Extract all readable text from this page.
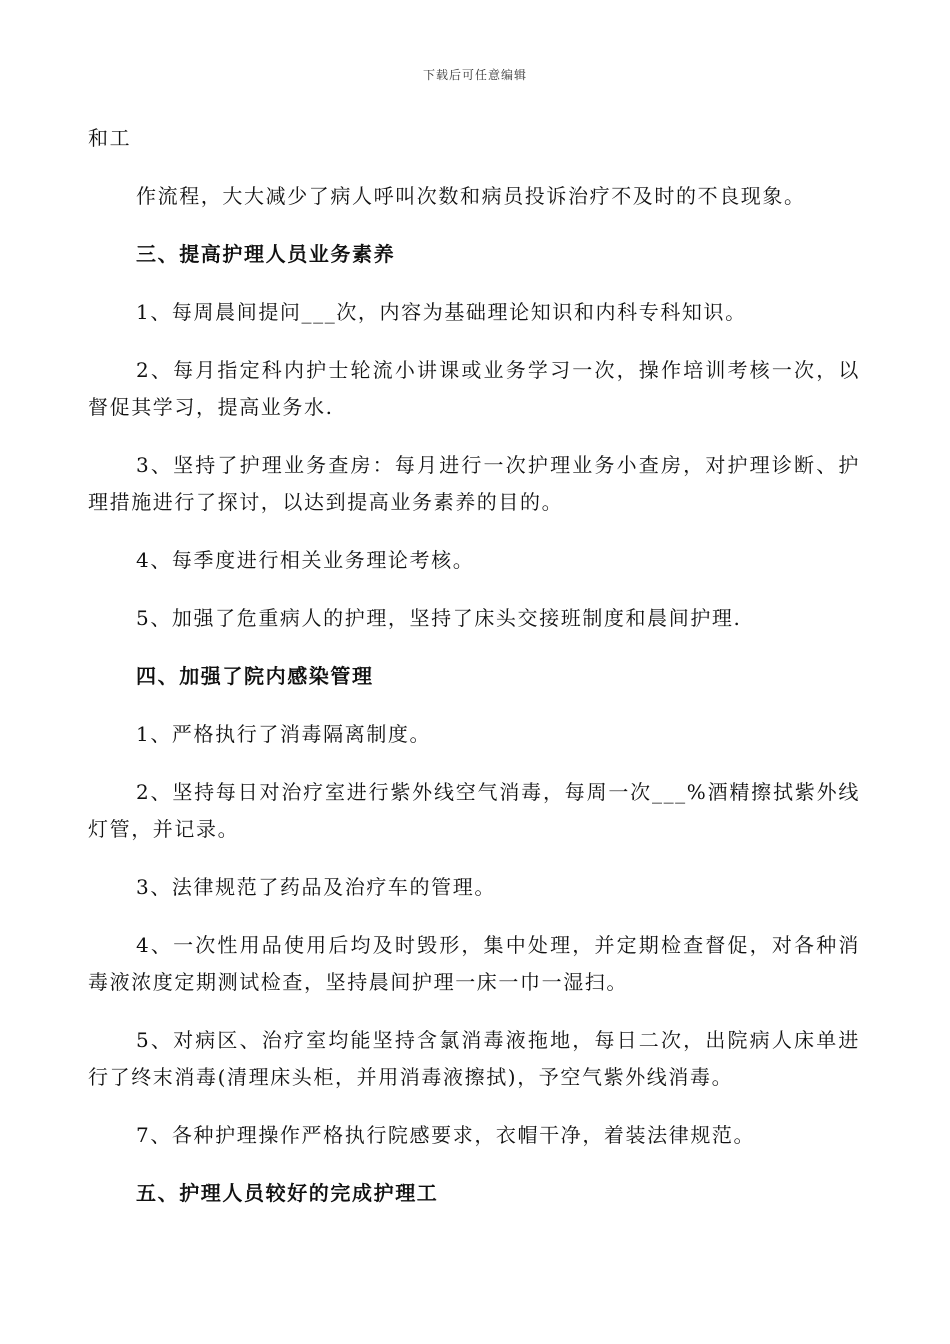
下载后可任意编辑

和工

作流程，大大减少了病人呼叫次数和病员投诉治疗不及时的不良现象。

三、提高护理人员业务素养

1、每周晨间提问___次，内容为基础理论知识和内科专科知识。

2、每月指定科内护士轮流小讲课或业务学习一次，操作培训考核一次，以督促其学习，提高业务水.

3、坚持了护理业务查房：每月进行一次护理业务小查房，对护理诊断、护理措施进行了探讨，以达到提高业务素养的目的。

4、每季度进行相关业务理论考核。

5、加强了危重病人的护理，坚持了床头交接班制度和晨间护理.

四、加强了院内感染管理

1、严格执行了消毒隔离制度。

2、坚持每日对治疗室进行紫外线空气消毒，每周一次___%酒精擦拭紫外线灯管，并记录。

3、法律规范了药品及治疗车的管理。

4、一次性用品使用后均及时毁形，集中处理，并定期检查督促，对各种消毒液浓度定期测试检查，坚持晨间护理一床一巾一湿扫。

5、对病区、治疗室均能坚持含氯消毒液拖地，每日二次，出院病人床单进行了终末消毒(清理床头柜，并用消毒液擦拭)，予空气紫外线消毒。

7、各种护理操作严格执行院感要求，衣帽干净，着装法律规范。

五、护理人员较好的完成护理工
